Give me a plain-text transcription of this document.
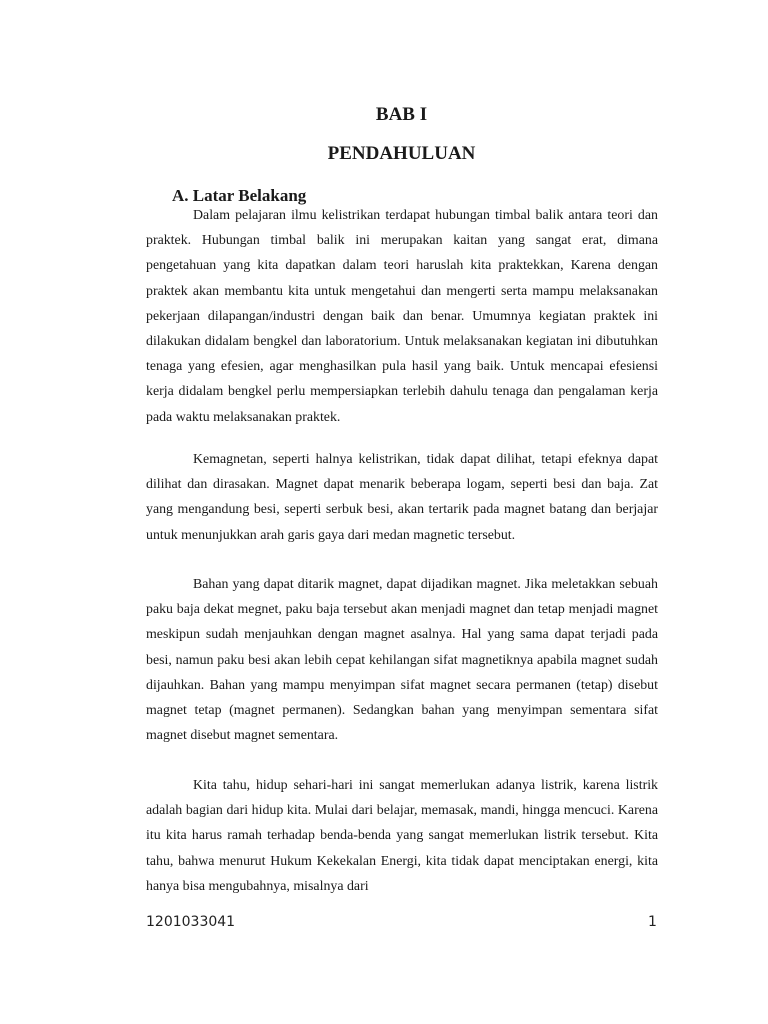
BAB I
PENDAHULUAN
A. Latar Belakang

Dalam pelajaran ilmu kelistrikan terdapat hubungan timbal balik antara teori dan praktek. Hubungan timbal balik ini merupakan kaitan yang sangat erat, dimana pengetahuan yang kita dapatkan dalam teori haruslah kita praktekkan, Karena dengan praktek akan membantu kita untuk mengetahui dan mengerti serta mampu melaksanakan pekerjaan dilapangan/industri dengan baik dan benar. Umumnya kegiatan praktek ini dilakukan didalam bengkel dan laboratorium. Untuk melaksanakan kegiatan ini dibutuhkan tenaga yang efesien, agar menghasilkan pula hasil yang baik. Untuk mencapai efesiensi kerja didalam bengkel perlu mempersiapkan terlebih dahulu tenaga dan pengalaman kerja pada waktu melaksanakan praktek.

Kemagnetan, seperti halnya kelistrikan, tidak dapat dilihat, tetapi efeknya dapat dilihat dan dirasakan. Magnet dapat menarik beberapa logam, seperti besi dan baja. Zat yang mengandung besi, seperti serbuk besi, akan tertarik pada magnet batang dan berjajar untuk menunjukkan arah garis gaya dari medan magnetic tersebut.

Bahan yang dapat ditarik magnet, dapat dijadikan magnet. Jika meletakkan sebuah paku baja dekat megnet, paku baja tersebut akan menjadi magnet dan tetap menjadi magnet meskipun sudah menjauhkan dengan magnet asalnya. Hal yang sama dapat terjadi pada besi, namun paku besi akan lebih cepat kehilangan sifat magnetiknya apabila magnet sudah dijauhkan. Bahan yang mampu menyimpan sifat magnet secara permanen (tetap) disebut magnet tetap (magnet permanen). Sedangkan bahan yang menyimpan sementara sifat magnet disebut magnet sementara.

Kita tahu, hidup sehari-hari ini sangat memerlukan adanya listrik, karena listrik adalah bagian dari hidup kita. Mulai dari belajar, memasak, mandi, hingga mencuci. Karena itu kita harus ramah terhadap benda-benda yang sangat memerlukan listrik tersebut. Kita tahu, bahwa menurut Hukum Kekekalan Energi, kita tidak dapat menciptakan energi, kita hanya bisa mengubahnya, misalnya dari

1201033041	1
